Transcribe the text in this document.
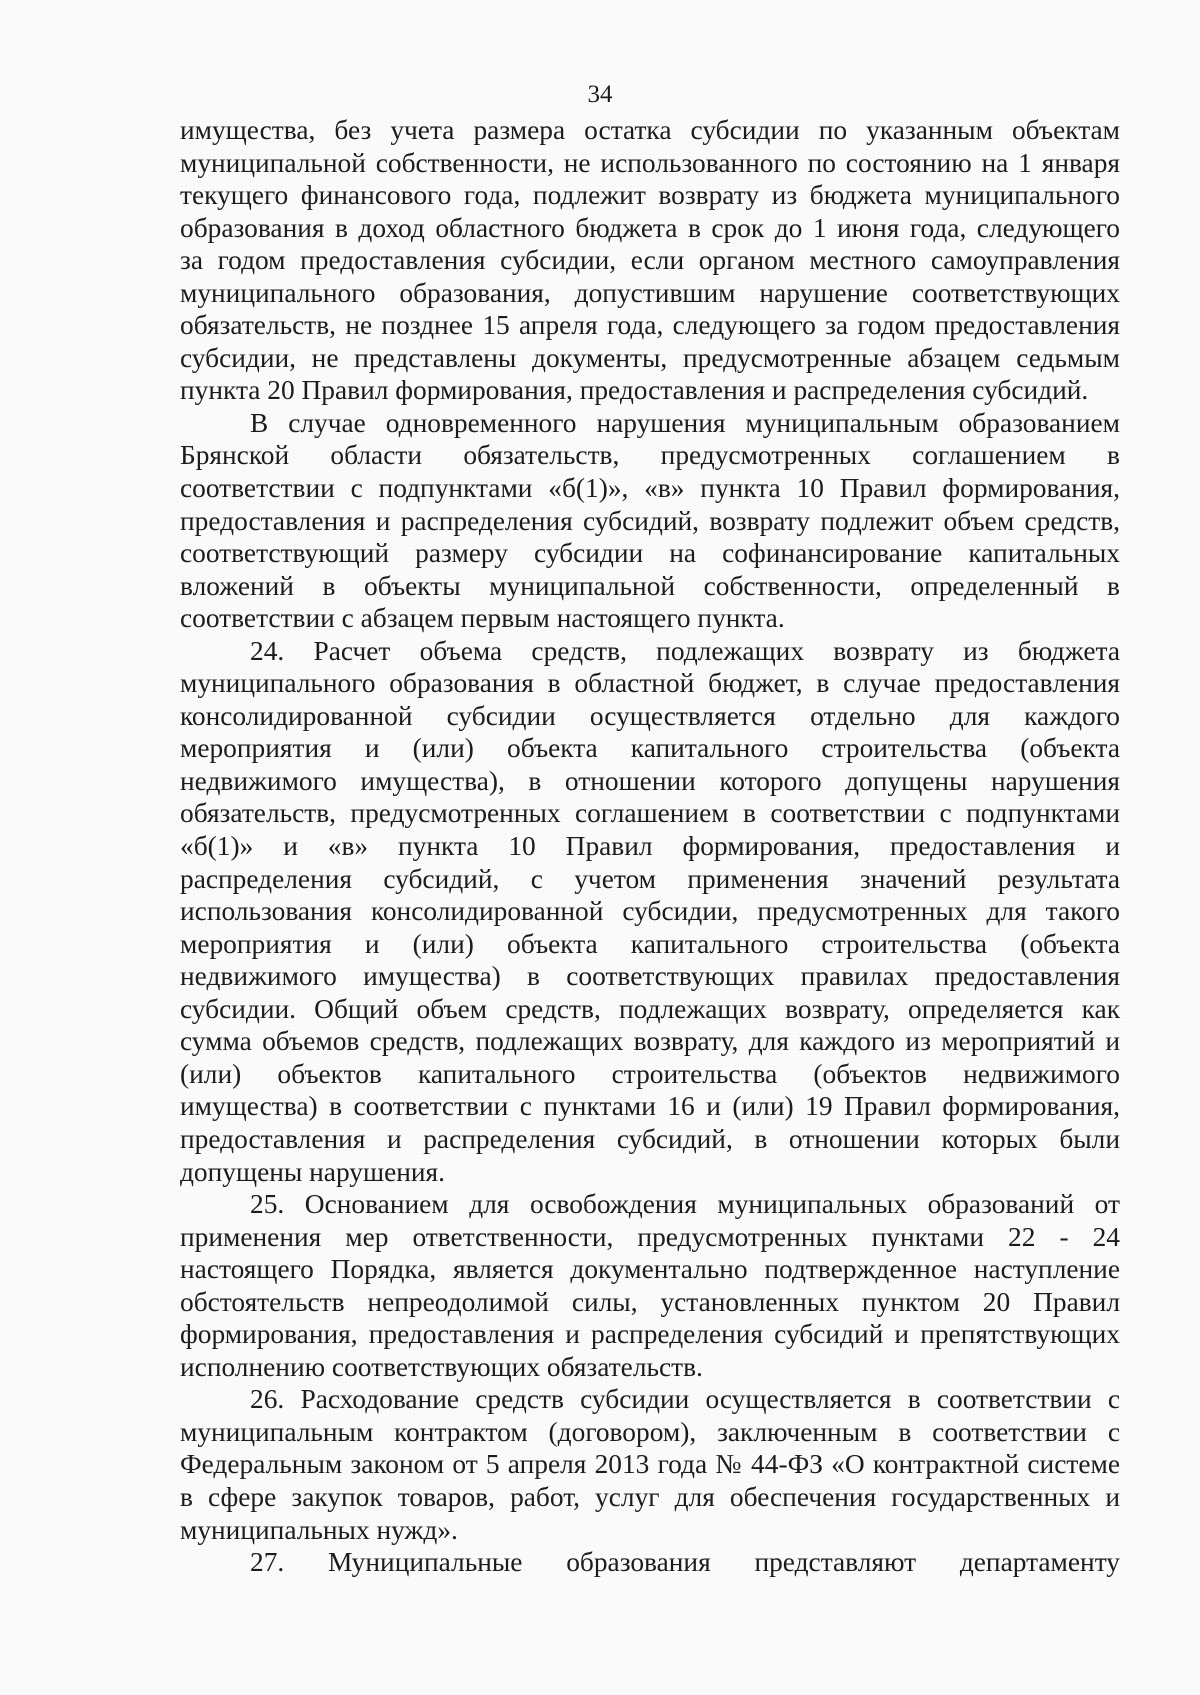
34

имущества, без учета размера остатка субсидии по указанным объектам

муниципальной собственности, не использованного по состоянию на 1 января

текущего финансового года, подлежит возврату из бюджета муниципального

образования в доход областного бюджета в срок до 1 июня года, следующего

за годом предоставления субсидии, если органом местного самоуправления

муниципального образования, допустившим нарушение соответствующих

обязательств, не позднее 15 апреля года, следующего за годом предоставления

субсидии, не представлены документы, предусмотренные абзацем седьмым

пункта 20 Правил формирования, предоставления и распределения субсидий.

В случае одновременного нарушения муниципальным образованием

Брянской области обязательств, предусмотренных соглашением в

соответствии с подпунктами «б(1)», «в» пункта 10 Правил формирования,

предоставления и распределения субсидий, возврату подлежит объем средств,

соответствующий размеру субсидии на софинансирование капитальных

вложений в объекты муниципальной собственности, определенный в

соответствии с абзацем первым настоящего пункта.

24. Расчет объема средств, подлежащих возврату из бюджета

муниципального образования в областной бюджет, в случае предоставления

консолидированной субсидии осуществляется отдельно для каждого

мероприятия и (или) объекта капитального строительства (объекта

недвижимого имущества), в отношении которого допущены нарушения

обязательств, предусмотренных соглашением в соответствии с подпунктами

«б(1)» и «в» пункта 10 Правил формирования, предоставления и

распределения субсидий, с учетом применения значений результата

использования консолидированной субсидии, предусмотренных для такого

мероприятия и (или) объекта капитального строительства (объекта

недвижимого имущества) в соответствующих правилах предоставления

субсидии. Общий объем средств, подлежащих возврату, определяется как

сумма объемов средств, подлежащих возврату, для каждого из мероприятий и

(или) объектов капитального строительства (объектов недвижимого

имущества) в соответствии с пунктами 16 и (или) 19 Правил формирования,

предоставления и распределения субсидий, в отношении которых были

допущены нарушения.

25. Основанием для освобождения муниципальных образований от

применения мер ответственности, предусмотренных пунктами 22 - 24

настоящего Порядка, является документально подтвержденное наступление

обстоятельств непреодолимой силы, установленных пунктом 20 Правил

формирования, предоставления и распределения субсидий и препятствующих

исполнению соответствующих обязательств.

26. Расходование средств субсидии осуществляется в соответствии с

муниципальным контрактом (договором), заключенным в соответствии с

Федеральным законом от 5 апреля 2013 года № 44-ФЗ «О контрактной системе

в сфере закупок товаров, работ, услуг для обеспечения государственных и

муниципальных нужд».

27. Муниципальные образования представляют департаменту
